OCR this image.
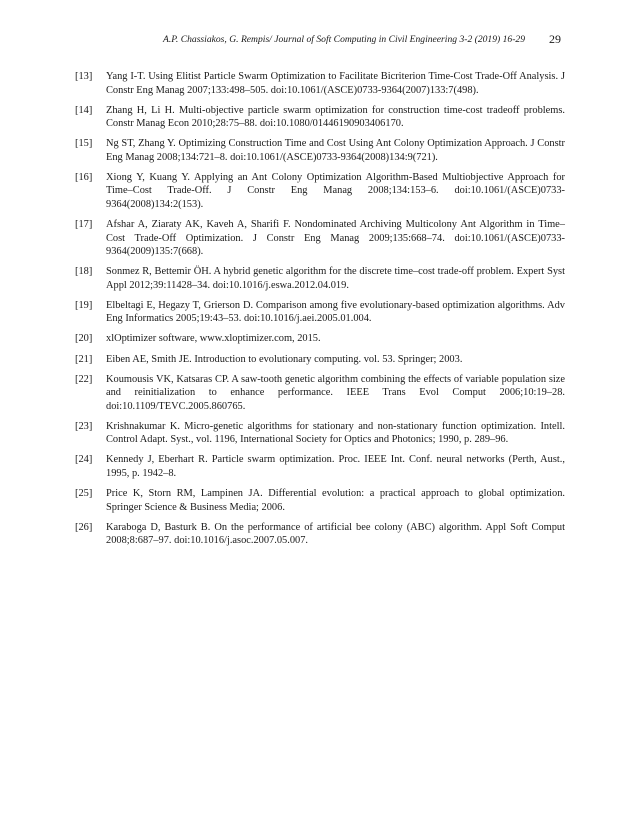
A.P. Chassiakos, G. Rempis/ Journal of Soft Computing in Civil Engineering 3-2 (2019) 16-29 29
[13]	Yang I-T. Using Elitist Particle Swarm Optimization to Facilitate Bicriterion Time-Cost Trade-Off Analysis. J Constr Eng Manag 2007;133:498–505. doi:10.1061/(ASCE)0733-9364(2007)133:7(498).
[14]	Zhang H, Li H. Multi-objective particle swarm optimization for construction time-cost tradeoff problems. Constr Manag Econ 2010;28:75–88. doi:10.1080/01446190903406170.
[15]	Ng ST, Zhang Y. Optimizing Construction Time and Cost Using Ant Colony Optimization Approach. J Constr Eng Manag 2008;134:721–8. doi:10.1061/(ASCE)0733-9364(2008)134:9(721).
[16]	Xiong Y, Kuang Y. Applying an Ant Colony Optimization Algorithm-Based Multiobjective Approach for Time–Cost Trade-Off. J Constr Eng Manag 2008;134:153–6. doi:10.1061/(ASCE)0733-9364(2008)134:2(153).
[17]	Afshar A, Ziaraty AK, Kaveh A, Sharifi F. Nondominated Archiving Multicolony Ant Algorithm in Time–Cost Trade-Off Optimization. J Constr Eng Manag 2009;135:668–74. doi:10.1061/(ASCE)0733-9364(2009)135:7(668).
[18]	Sonmez R, Bettemir ÖH. A hybrid genetic algorithm for the discrete time–cost trade-off problem. Expert Syst Appl 2012;39:11428–34. doi:10.1016/j.eswa.2012.04.019.
[19]	Elbeltagi E, Hegazy T, Grierson D. Comparison among five evolutionary-based optimization algorithms. Adv Eng Informatics 2005;19:43–53. doi:10.1016/j.aei.2005.01.004.
[20]	xlOptimizer software, www.xloptimizer.com, 2015.
[21]	Eiben AE, Smith JE. Introduction to evolutionary computing. vol. 53. Springer; 2003.
[22]	Koumousis VK, Katsaras CP. A saw-tooth genetic algorithm combining the effects of variable population size and reinitialization to enhance performance. IEEE Trans Evol Comput 2006;10:19–28. doi:10.1109/TEVC.2005.860765.
[23]	Krishnakumar K. Micro-genetic algorithms for stationary and non-stationary function optimization. Intell. Control Adapt. Syst., vol. 1196, International Society for Optics and Photonics; 1990, p. 289–96.
[24]	Kennedy J, Eberhart R. Particle swarm optimization. Proc. IEEE Int. Conf. neural networks (Perth, Aust., 1995, p. 1942–8.
[25]	Price K, Storn RM, Lampinen JA. Differential evolution: a practical approach to global optimization. Springer Science & Business Media; 2006.
[26]	Karaboga D, Basturk B. On the performance of artificial bee colony (ABC) algorithm. Appl Soft Comput 2008;8:687–97. doi:10.1016/j.asoc.2007.05.007.
